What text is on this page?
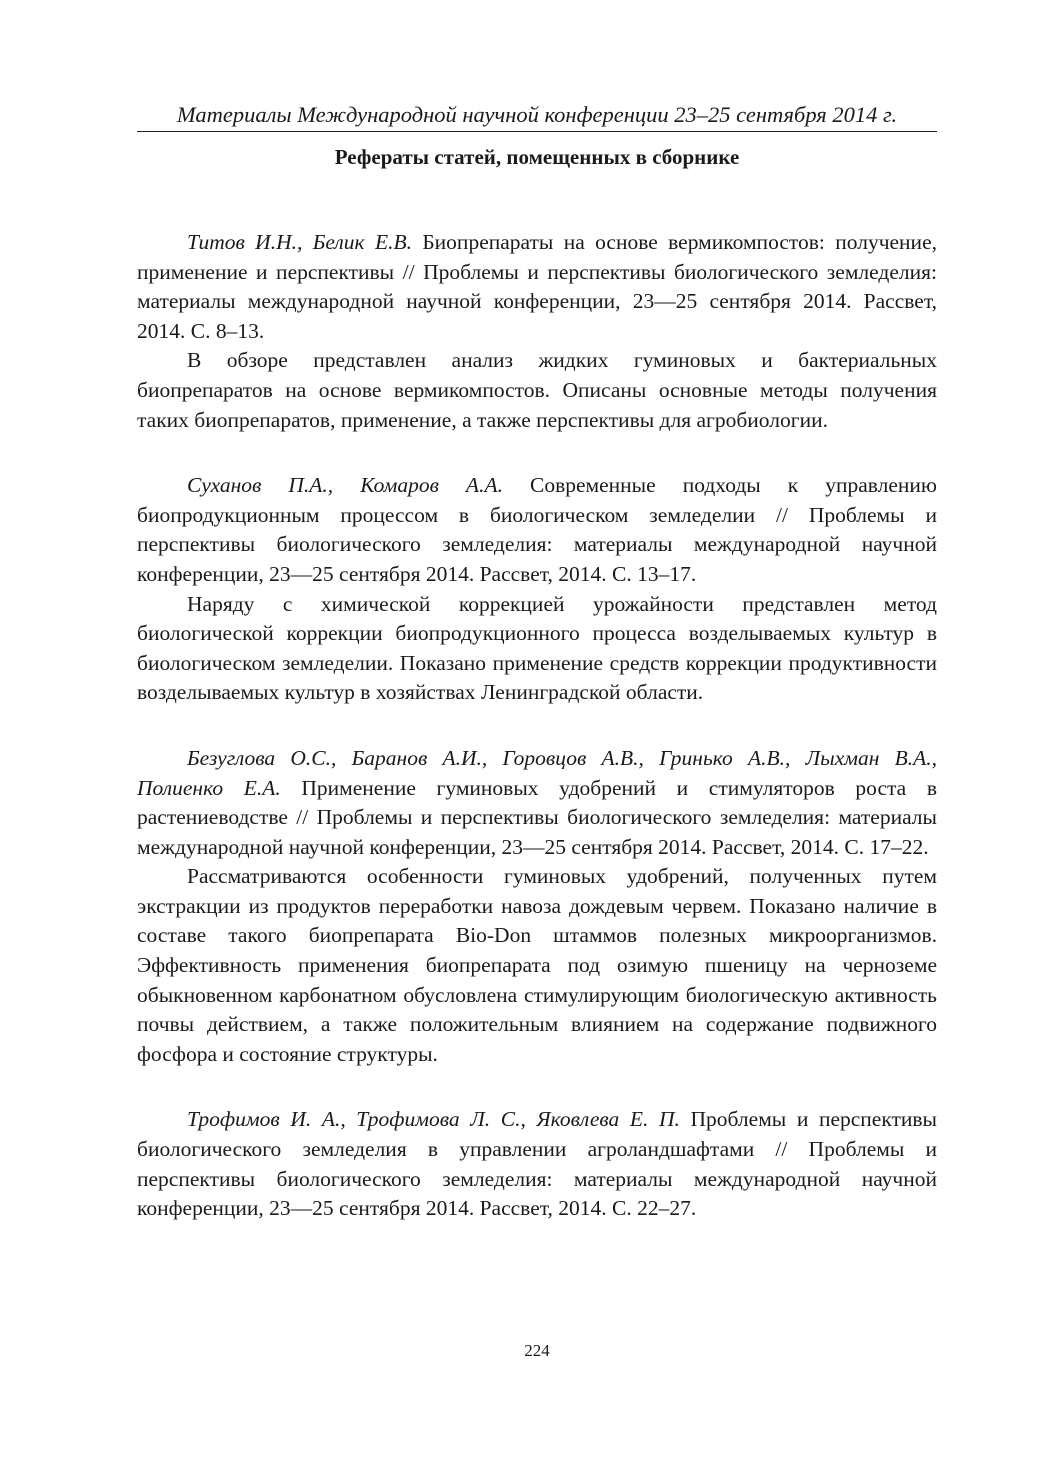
Материалы Международной научной конференции 23–25 сентября 2014 г.
Рефераты статей, помещенных в сборнике

Титов И.Н., Белик Е.В. Биопрепараты на основе вермикомпостов: получение, применение и перспективы // Проблемы и перспективы биологического земледелия: материалы международной научной конференции, 23—25 сентября 2014. Рассвет, 2014. С. 8–13.

В обзоре представлен анализ жидких гуминовых и бактериальных биопрепаратов на основе вермикомпостов. Описаны основные методы получения таких биопрепаратов, применение, а также перспективы для агробиологии.

Суханов П.А., Комаров А.А. Современные подходы к управлению биопродукционным процессом в биологическом земледелии // Проблемы и перспективы биологического земледелия: материалы международной научной конференции, 23—25 сентября 2014. Рассвет, 2014. С. 13–17.

Наряду с химической коррекцией урожайности представлен метод биологической коррекции биопродукционного процесса возделываемых культур в биологическом земледелии. Показано применение средств коррекции продуктивности возделываемых культур в хозяйствах Ленинградской области.

Безуглова О.С., Баранов А.И., Горовцов А.В., Гринько А.В., Лыхман В.А., Полиенко Е.А. Применение гуминовых удобрений и стимуляторов роста в растениеводстве // Проблемы и перспективы биологического земледелия: материалы международной научной конференции, 23—25 сентября 2014. Рассвет, 2014. С. 17–22.

Рассматриваются особенности гуминовых удобрений, полученных путем экстракции из продуктов переработки навоза дождевым червем. Показано наличие в составе такого биопрепарата Bio-Don штаммов полезных микроорганизмов. Эффективность применения биопрепарата под озимую пшеницу на черноземе обыкновенном карбонатном обусловлена стимулирующим биологическую активность почвы действием, а также положительным влиянием на содержание подвижного фосфора и состояние структуры.

Трофимов И. А., Трофимова Л. С., Яковлева Е. П. Проблемы и перспективы биологического земледелия в управлении агроландшафтами // Проблемы и перспективы биологического земледелия: материалы международной научной конференции, 23—25 сентября 2014. Рассвет, 2014. С. 22–27.

224
